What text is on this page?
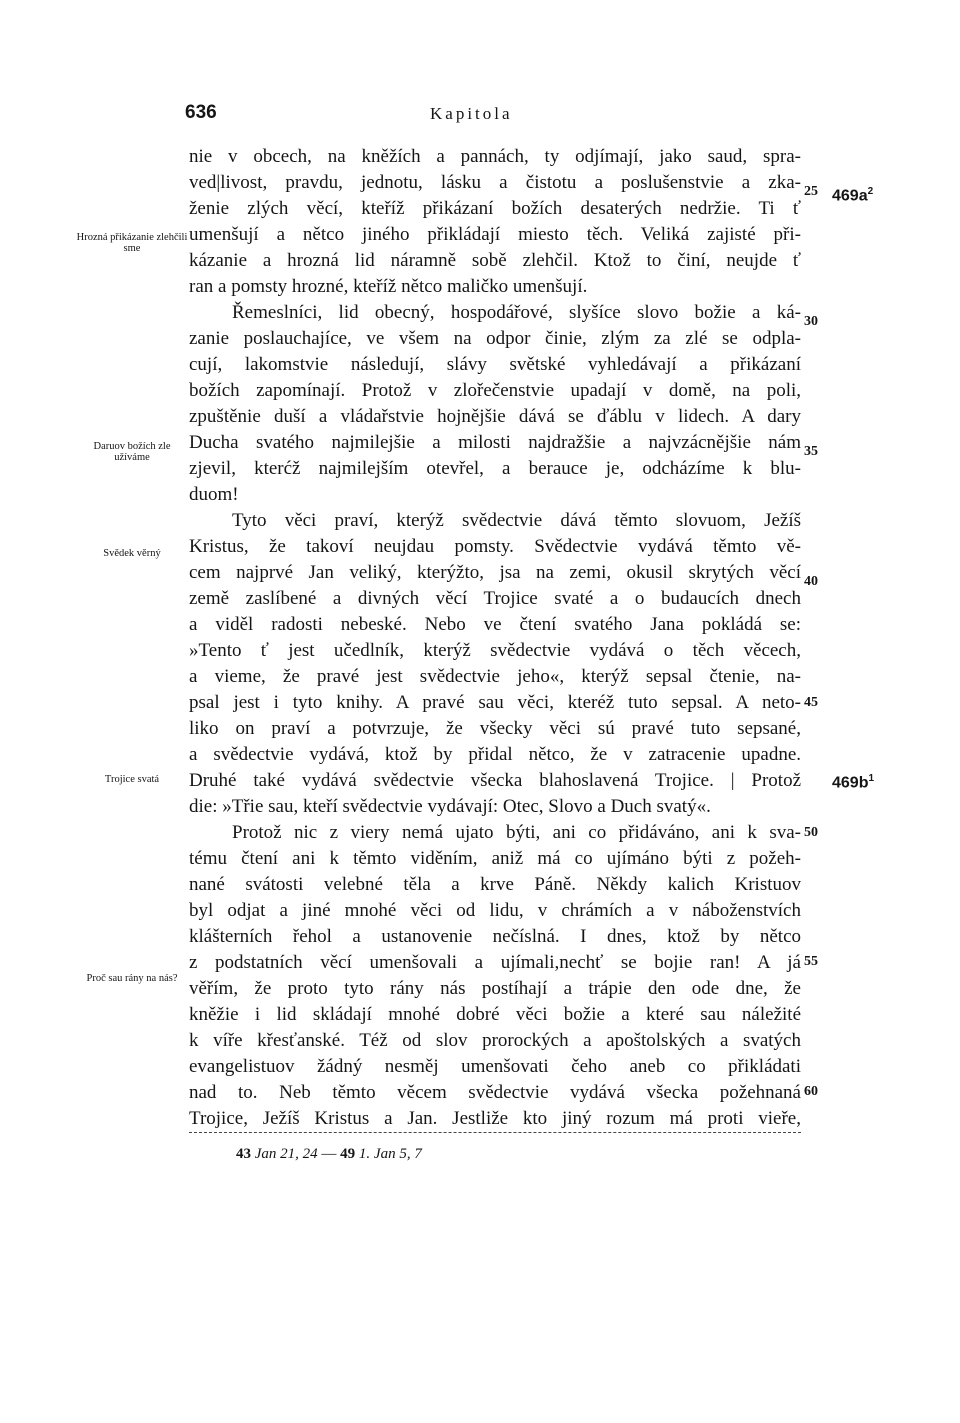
636	Kapitola
nie v obcech, na kněžích a pannách, ty odjímají, jako saud, spra-
ved|livost, pravdu, jednotu, lásku a čistotu a poslušenstvie a zka-
ženie zlých věcí, kteříž přikázaní božích desaterých nedržie. Ti ť
umenšují a nětco jiného přikládají miesto těch. Veliká zajisté při-
kázanie a hrozná lid náramně sobě zlehčil. Ktož to činí, neujde ť
ran a pomsty hrozné, kteříž nětco maličko umenšují.
Řemeslníci, lid obecný, hospodářové, slyšíce slovo božie a ká-
zanie poslauchajíce, ve všem na odpor činie, zlým za zlé se odpla-
cují, lakomstvie následují, slávy světské vyhledávají a přikázaní
božích zapomínají. Protož v zlořečenstvie upadají v domě, na poli,
zpuštěnie duší a vládařstvie hojnějšie dává se ďáblu v lidech. A dary
Ducha svatého najmilejšie a milosti najdražšie a najvzácnějšie nám
zjevil, kterćž najmilejším otevřel, a berauce je, odcházíme k blu-
duom!
Tyto věci praví, kterýž svědectvie dává těmto slovuom, Ježíš
Kristus, že takoví neujdau pomsty. Svědectvie vydává těmto vě-
cem najprvé Jan veliký, kterýžto, jsa na zemi, okusil skrytých věcí
země zaslíbené a divných věcí Trojice svaté a o budaucích dnech
a viděl radosti nebeské. Nebo ve čtení svatého Jana pokládá se:
»Tento ť jest učedlník, kterýž svědectvie vydává o těch věcech,
a vieme, že pravé jest svědectvie jeho«, kterýž sepsal čtenie, na-
psal jest i tyto knihy. A pravé sau věci, kteréž tuto sepsal. A neto-
liko on praví a potvrzuje, že všecky věci sú pravé tuto sepsané,
a svědectvie vydává, ktož by přidal nětco, že v zatracenie upadne.
Druhé také vydává svědectvie všecka blahoslavená Trojice. | Protož
die: »Třie sau, kteří svědectvie vydávají: Otec, Slovo a Duch svatý«.
Protož nic z viery nemá ujato býti, ani co přidáváno, ani k sva-
tému čtení ani k těmto viděním, aniž má co ujímáno býti z požeh-
nané svátosti velebné těla a krve Páně. Někdy kalich Kristuov
byl odjat a jiné mnohé věci od lidu, v chrámích a v náboženstvích
klášterních řehol a ustanovenie nečíslná. I dnes, ktož by nětco
z podstatních věcí umenšovali a ujímali,nechť se bojie ran! A já
věřím, že proto tyto rány nás postíhají a trápie den ode dne, že
kněžie i lid skládají mnohé dobré věci božie a které sau náležité
k víře křesťanské. Též od slov prorockých a apoštolských a svatých
evangelistuov žádný nesměj umenšovati čeho aneb co přikládati
nad to. Neb těmto věcem svědectvie vydává všecka požehnaná
Trojice, Ježíš Kristus a Jan. Jestliže kto jiný rozum má proti vieře,
25
30
35
40
45
50
55
60
$469a^2$
$469b^1$
Hrozná přikázanie zlehčili sme
Daruov božích zle užíváme
Svědek věrný
Trojice svatá
Proč sau rány na nás?
43 Jan 21, 24 — 49 1. Jan 5, 7
